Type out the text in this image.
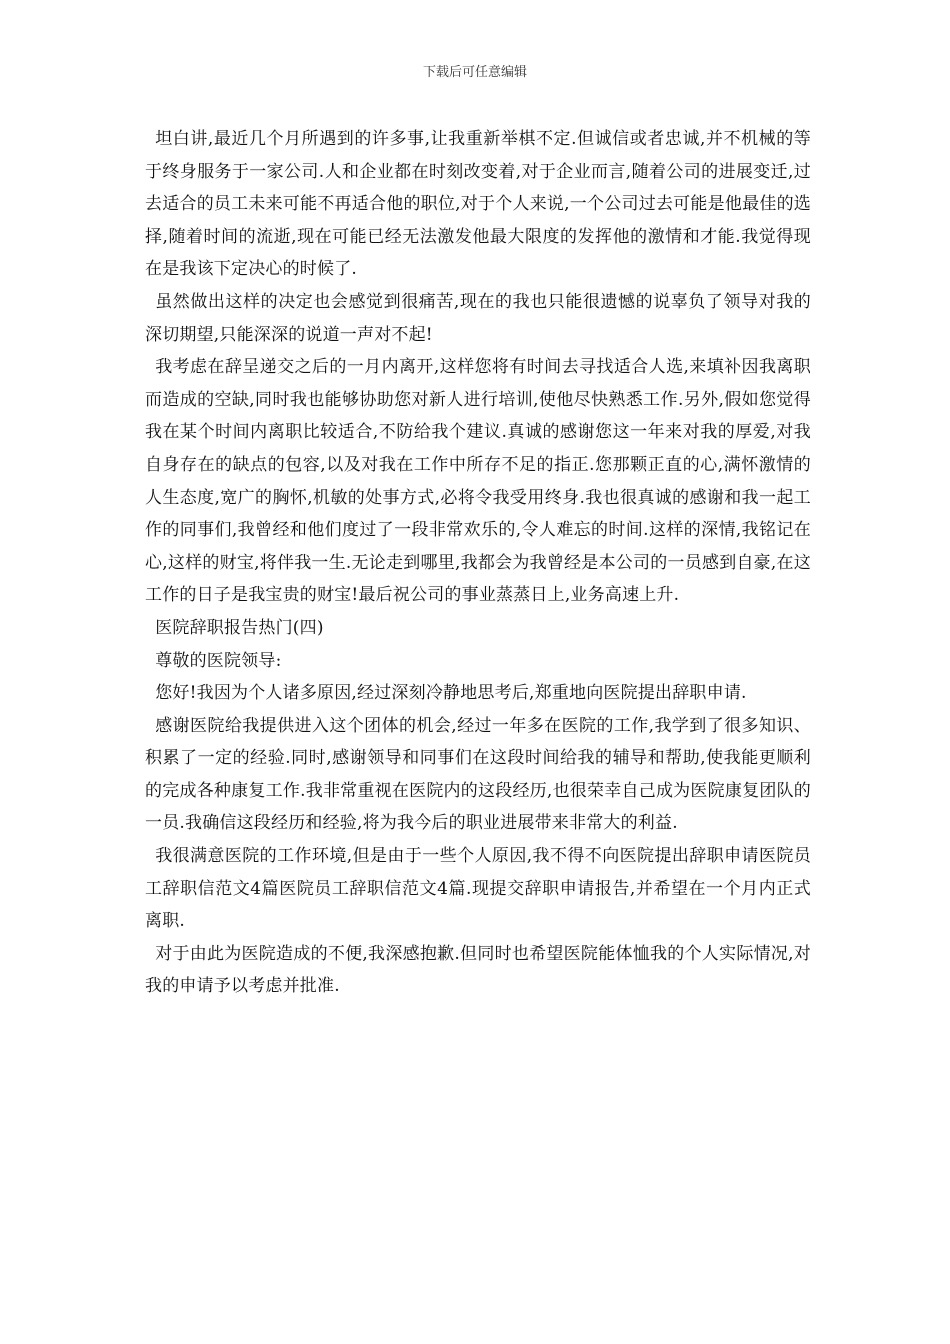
下载后可任意编辑

坦白讲,最近几个月所遇到的许多事,让我重新举棋不定.但诚信或者忠诚,并不机械的等于终身服务于一家公司.人和企业都在时刻改变着,对于企业而言,随着公司的进展变迁,过去适合的员工未来可能不再适合他的职位,对于个人来说,一个公司过去可能是他最佳的选择,随着时间的流逝,现在可能已经无法激发他最大限度的发挥他的激情和才能.我觉得现在是我该下定决心的时候了.

虽然做出这样的决定也会感觉到很痛苦,现在的我也只能很遗憾的说辜负了领导对我的深切期望,只能深深的说道一声对不起!

我考虑在辞呈递交之后的一月内离开,这样您将有时间去寻找适合人选,来填补因我离职而造成的空缺,同时我也能够协助您对新人进行培训,使他尽快熟悉工作.另外,假如您觉得我在某个时间内离职比较适合,不防给我个建议.真诚的感谢您这一年来对我的厚爱,对我自身存在的缺点的包容,以及对我在工作中所存不足的指正.您那颗正直的心,满怀激情的人生态度,宽广的胸怀,机敏的处事方式,必将令我受用终身.我也很真诚的感谢和我一起工作的同事们,我曾经和他们度过了一段非常欢乐的,令人难忘的时间.这样的深情,我铭记在心,这样的财宝,将伴我一生.无论走到哪里,我都会为我曾经是本公司的一员感到自豪,在这工作的日子是我宝贵的财宝!最后祝公司的事业蒸蒸日上,业务高速上升.

医院辞职报告热门(四)

尊敬的医院领导:

您好!我因为个人诸多原因,经过深刻冷静地思考后,郑重地向医院提出辞职申请.

感谢医院给我提供进入这个团体的机会,经过一年多在医院的工作,我学到了很多知识、积累了一定的经验.同时,感谢领导和同事们在这段时间给我的辅导和帮助,使我能更顺利的完成各种康复工作.我非常重视在医院内的这段经历,也很荣幸自己成为医院康复团队的一员.我确信这段经历和经验,将为我今后的职业进展带来非常大的利益.

我很满意医院的工作环境,但是由于一些个人原因,我不得不向医院提出辞职申请医院员工辞职信范文4篇医院员工辞职信范文4篇.现提交辞职申请报告,并希望在一个月内正式离职.

对于由此为医院造成的不便,我深感抱歉.但同时也希望医院能体恤我的个人实际情况,对我的申请予以考虑并批准.
